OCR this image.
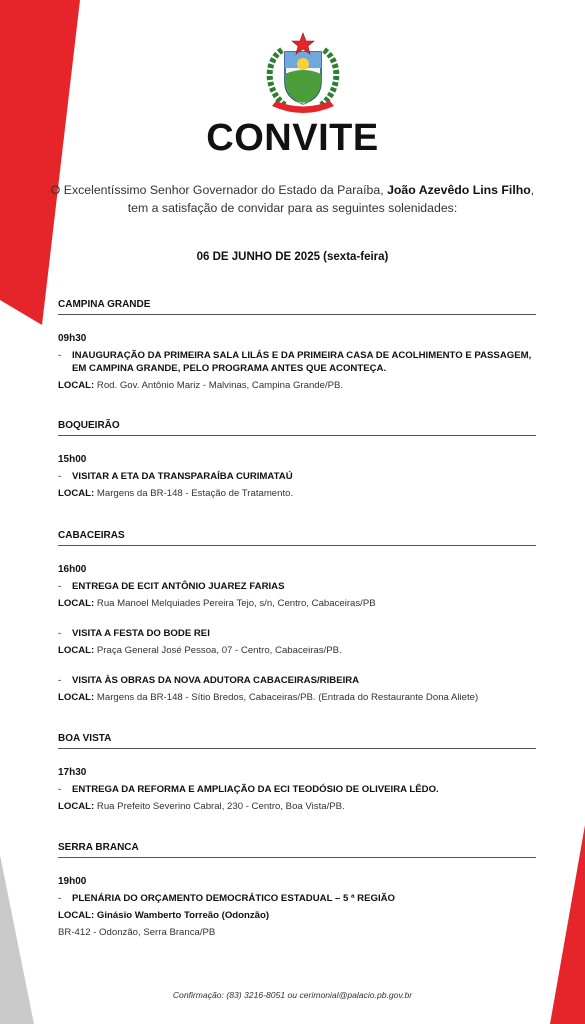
Eu Nego 1930
CONVITE
O Excelentíssimo Senhor Governador do Estado da Paraíba, João Azevêdo Lins Filho,
tem a satisfação de convidar para as seguintes solenidades:
06 DE JUNHO DE 2025 (sexta-feira)
CAMPINA GRANDE
09h30
- INAUGURAÇÃO DA PRIMEIRA SALA LILÁS E DA PRIMEIRA CASA DE ACOLHIMENTO E PASSAGEM, EM CAMPINA GRANDE, PELO PROGRAMA ANTES QUE ACONTEÇA.
LOCAL: Rod. Gov. Antônio Mariz - Malvinas, Campina Grande/PB.
BOQUEIRÃO
15h00
- VISITAR A ETA DA TRANSPARAÍBA CURIMATAÚ
LOCAL: Margens da BR-148 - Estação de Tratamento.
CABACEIRAS
16h00
- ENTREGA DE ECIT ANTÔNIO JUAREZ FARIAS
LOCAL: Rua Manoel Melquiades Pereira Tejo, s/n, Centro, Cabaceiras/PB
- VISITA A FESTA DO BODE REI
LOCAL: Praça General José Pessoa, 07 - Centro, Cabaceiras/PB.
- VISITA ÀS OBRAS DA NOVA ADUTORA CABACEIRAS/RIBEIRA
LOCAL: Margens da BR-148 - Sítio Bredos, Cabaceiras/PB. (Entrada do Restaurante Dona Aliete)
BOA VISTA
17h30
- ENTREGA DA REFORMA E AMPLIAÇÃO DA ECI TEODÓSIO DE OLIVEIRA LÊDO.
LOCAL: Rua Prefeito Severino Cabral, 230 - Centro, Boa Vista/PB.
SERRA BRANCA
19h00
- PLENÁRIA DO ORÇAMENTO DEMOCRÁTICO ESTADUAL – 5 ª REGIÃO
LOCAL: Ginásio Wamberto Torreão (Odonzão)
BR-412 - Odonzão, Serra Branca/PB
Confirmação: (83) 3216-8051 ou cerimonial@palacio.pb.gov.br
